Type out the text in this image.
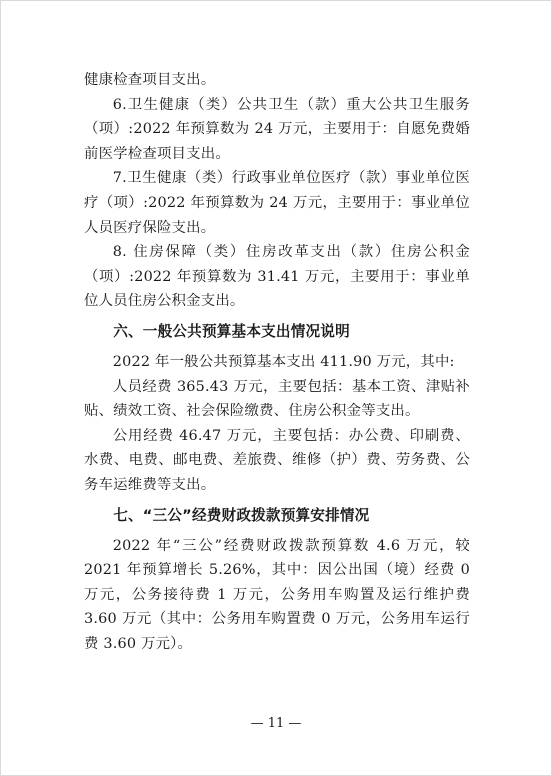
健康检查项目支出。

6.卫生健康（类）公共卫生（款）重大公共卫生服务（项）:2022 年预算数为 24 万元，主要用于：自愿免费婚前医学检查项目支出。

7.卫生健康（类）行政事业单位医疗（款）事业单位医疗（项）:2022 年预算数为 24 万元，主要用于：事业单位人员医疗保险支出。

8. 住房保障（类）住房改革支出（款）住房公积金（项）:2022 年预算数为 31.41 万元，主要用于：事业单位人员住房公积金支出。

六、一般公共预算基本支出情况说明

2022 年一般公共预算基本支出 411.90 万元，其中:

人员经费 365.43 万元，主要包括：基本工资、津贴补贴、绩效工资、社会保险缴费、住房公积金等支出。

公用经费 46.47 万元，主要包括：办公费、印刷费、水费、电费、邮电费、差旅费、维修（护）费、劳务费、公务车运维费等支出。

七、“三公”经费财政拨款预算安排情况

2022 年“三公”经费财政拨款预算数 4.6 万元，较 2021 年预算增长 5.26%，其中：因公出国（境）经费 0 万元，公务接待费 1 万元，公务用车购置及运行维护费 3.60 万元（其中：公务用车购置费 0 万元，公务用车运行费 3.60 万元）。

— 11 —
